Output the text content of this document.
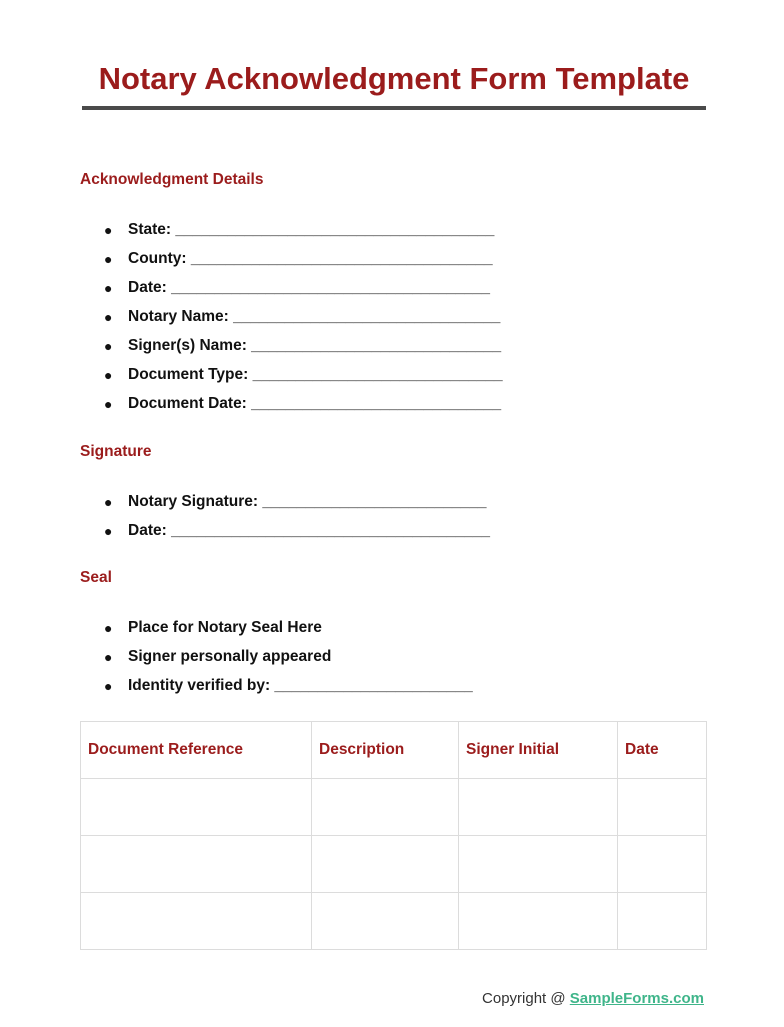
Notary Acknowledgment Form Template
Acknowledgment Details
●	State: _____________________________________
●	County: ___________________________________
●	Date: _____________________________________
●	Notary Name: _______________________________
●	Signer(s) Name: _____________________________
●	Document Type: _____________________________
●	Document Date: _____________________________
Signature
●	Notary Signature: __________________________
●	Date: _____________________________________
Seal
●	Place for Notary Seal Here
●	Signer personally appeared
●	Identity verified by: _______________________
Document Reference	Description	Signer Initial	Date

Copyright @ SampleForms.com
